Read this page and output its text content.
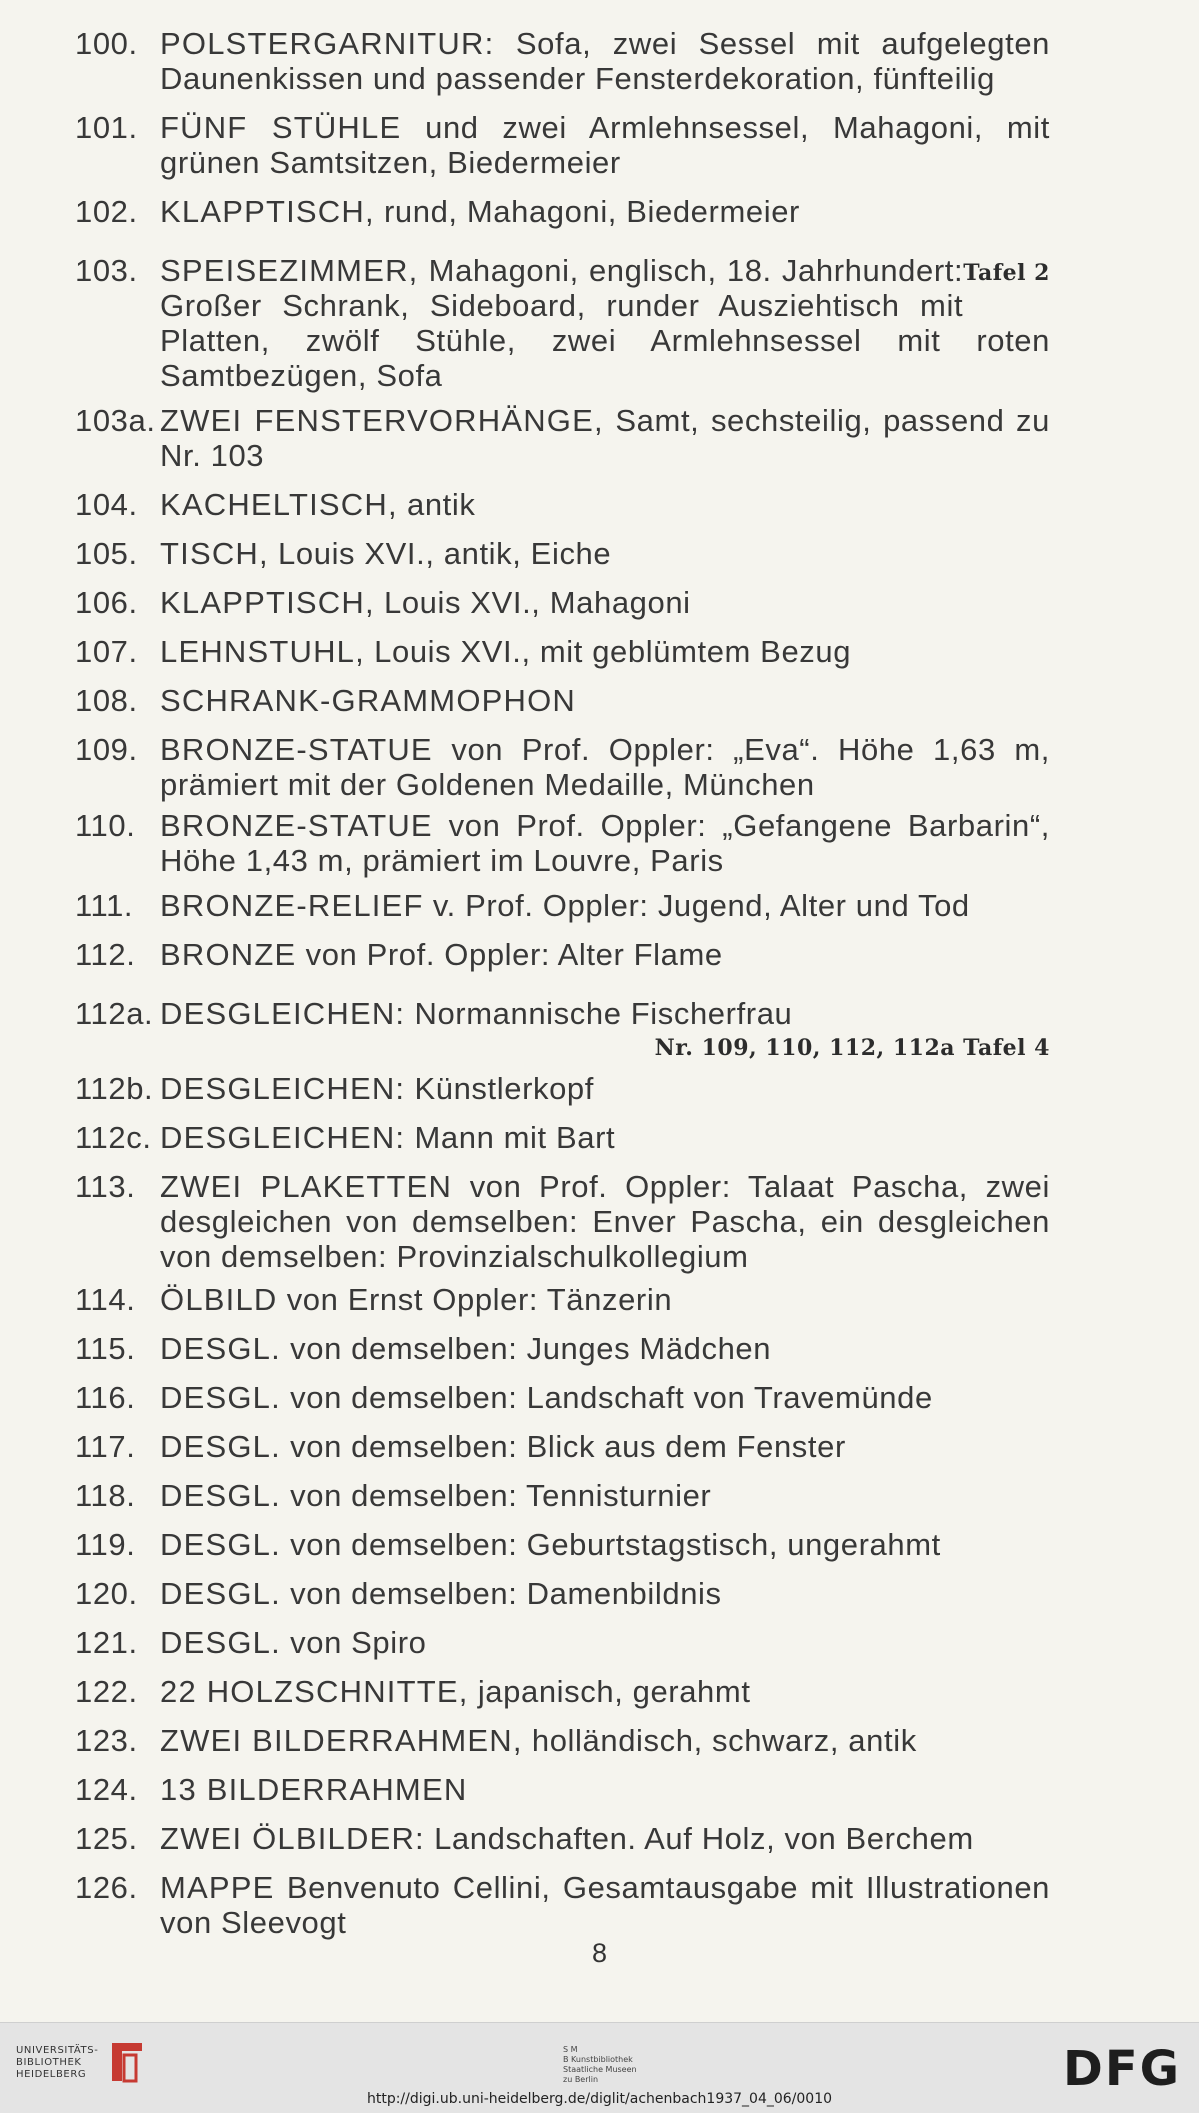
100. POLSTERGARNITUR: Sofa, zwei Sessel mit aufgelegten Daunenkissen und passender Fensterdekoration, fünfteilig
101. FÜNF STÜHLE und zwei Armlehnsessel, Mahagoni, mit grünen Samtsitzen, Biedermeier
102. KLAPPTISCH, rund, Mahagoni, Biedermeier
103.	Tafel 2
SPEISEZIMMER, Mahagoni, englisch, 18. Jahrhundert: Großer Schrank, Sideboard, runder Ausziehtisch mit Platten, zwölf Stühle, zwei Armlehnsessel mit roten Samtbezügen, Sofa
103a. ZWEI FENSTERVORHÄNGE, Samt, sechsteilig, passend zu Nr. 103
104. KACHELTISCH, antik
105. TISCH, Louis XVI., antik, Eiche
106. KLAPPTISCH, Louis XVI., Mahagoni
107. LEHNSTUHL, Louis XVI., mit geblümtem Bezug
108. SCHRANK-GRAMMOPHON
109. BRONZE-STATUE von Prof. Oppler: „Eva“. Höhe 1,63 m, prämiert mit der Goldenen Medaille, München
110. BRONZE-STATUE von Prof. Oppler: „Gefangene Barbarin“, Höhe 1,43 m, prämiert im Louvre, Paris
111. BRONZE-RELIEF v. Prof. Oppler: Jugend, Alter und Tod
112. BRONZE von Prof. Oppler: Alter Flame
112a. DESGLEICHEN: Normannische Fischerfrau
Nr. 109, 110, 112, 112a Tafel 4
112b. DESGLEICHEN: Künstlerkopf
112c. DESGLEICHEN: Mann mit Bart
113. ZWEI PLAKETTEN von Prof. Oppler: Talaat Pascha, zwei desgleichen von demselben: Enver Pascha, ein desgleichen von demselben: Provinzialschulkollegium
114. ÖLBILD von Ernst Oppler: Tänzerin
115. DESGL. von demselben: Junges Mädchen
116. DESGL. von demselben: Landschaft von Travemünde
117. DESGL. von demselben: Blick aus dem Fenster
118. DESGL. von demselben: Tennisturnier
119. DESGL. von demselben: Geburtstagstisch, ungerahmt
120. DESGL. von demselben: Damenbildnis
121. DESGL. von Spiro
122. 22 HOLZSCHNITTE, japanisch, gerahmt
123. ZWEI BILDERRAHMEN, holländisch, schwarz, antik
124. 13 BILDERRAHMEN
125. ZWEI ÖLBILDER: Landschaften. Auf Holz, von Berchem
126. MAPPE Benvenuto Cellini, Gesamtausgabe mit Illustrationen von Sleevogt
8
UNIVERSITÄTS-
BIBLIOTHEK
HEIDELBERG
S M
B Kunstbibliothek
Staatliche Museen
zu Berlin	DFG
http://digi.ub.uni-heidelberg.de/diglit/achenbach1937_04_06/0010
